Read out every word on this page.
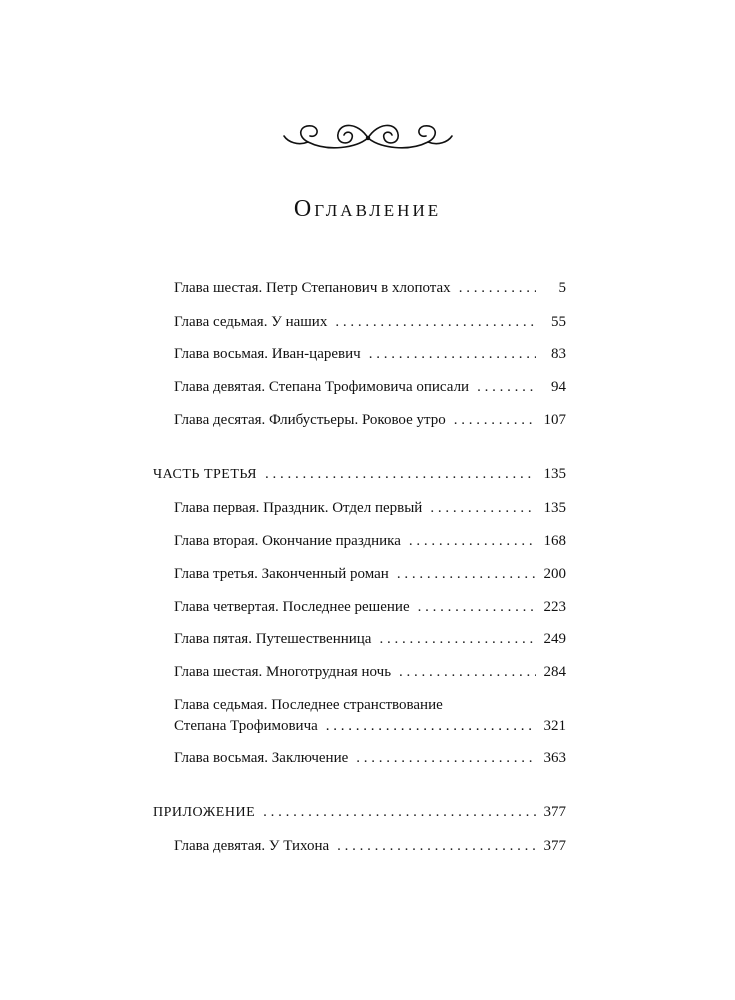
Оглавление
Глава шестая. Петр Степанович в хлопотах . . .	5
Глава седьмая. У наших . . .	55
Глава восьмая. Иван-царевич . . .	83
Глава девятая. Степана Трофимовича описали . . .	94
Глава десятая. Флибустьеры. Роковое утро . . .	107
ЧАСТЬ ТРЕТЬЯ . . .	135
Глава первая. Праздник. Отдел первый . . .	135
Глава вторая. Окончание праздника . . .	168
Глава третья. Законченный роман . . .	200
Глава четвертая. Последнее решение . . .	223
Глава пятая. Путешественница . . .	249
Глава шестая. Многотрудная ночь . . .	284
Глава седьмая. Последнее странствование
Степана Трофимовича . . .	321
Глава восьмая. Заключение . . .	363
ПРИЛОЖЕНИЕ . . .	377
Глава девятая. У Тихона . . .	377
